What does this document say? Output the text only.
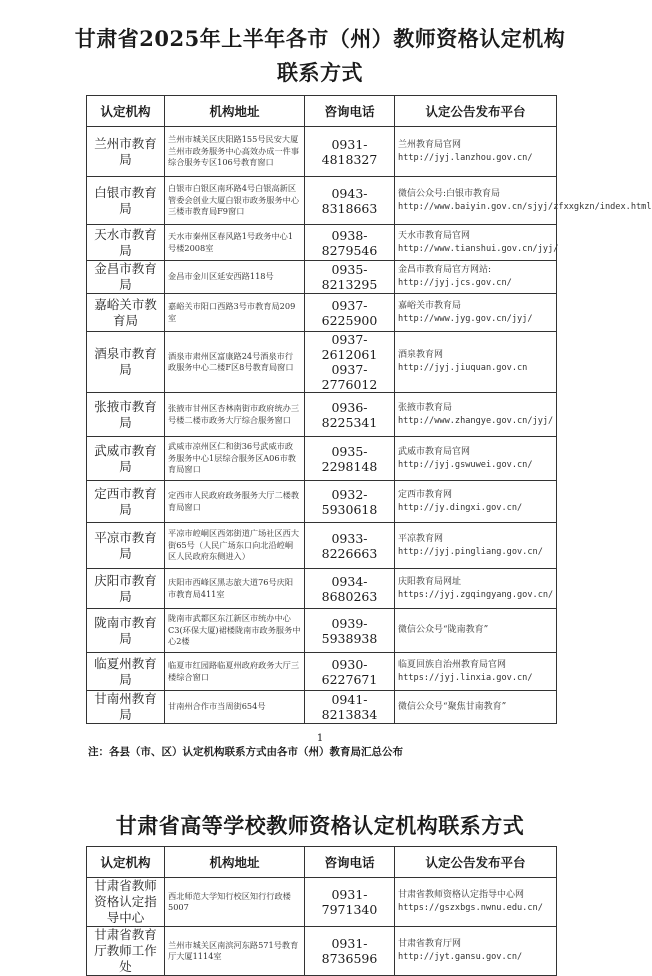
甘肃省2025年上半年各市（州）教师资格认定机构
联系方式
认定机构	机构地址	咨询电话	认定公告发布平台
兰州市教育局	兰州市城关区庆阳路155号民安大厦兰州市政务服务中心高效办成一件事综合服务专区106号教育窗口	0931-4818327	兰州教育局官网
http://jyj.lanzhou.gov.cn/

白银市教育局	白银市白银区南环路4号白银高新区管委会创业大厦白银市政务服务中心三楼市教育局F9窗口	0943-8318663	微信公众号:白银市教育局
http://www.baiyin.gov.cn/sjyj/zfxxgkzn/index.html

天水市教育局	天水市秦州区春风路1号政务中心1号楼2008室	0938-8279546	天水市教育局官网
http://www.tianshui.gov.cn/jyj/

金昌市教育局	金昌市金川区延安西路118号	0935-8213295	金昌市教育局官方网站:
http://jyj.jcs.gov.cn/

嘉峪关市教育局	嘉峪关市阳口西路3号市教育局209室	0937-6225900	嘉峪关市教育局
http://www.jyg.gov.cn/jyj/

酒泉市教育局	酒泉市肃州区富康路24号酒泉市行政服务中心二楼F区8号教育局窗口	0937-2612061
0937-2776012	酒泉教育网
http://jyj.jiuquan.gov.cn

张掖市教育局	张掖市甘州区杏林南街市政府统办三号楼二楼市政务大厅综合服务窗口	0936-8225341	张掖市教育局
http://www.zhangye.gov.cn/jyj/

武威市教育局	武威市凉州区仁和街36号武威市政务服务中心1层综合服务区A06市教育局窗口	0935-2298148	武威市教育局官网
http://jyj.gswuwei.gov.cn/

定西市教育局	定西市人民政府政务服务大厅二楼教育局窗口	0932-5930618	定西市教育网
http://jy.dingxi.gov.cn/

平凉市教育局	平凉市崆峒区西郊街道广场社区西大街65号（人民广场东口向北沿崆峒区人民政府东侧进入）	0933-8226663	平凉教育网
http://jyj.pingliang.gov.cn/

庆阳市教育局	庆阳市西峰区黑志旅大道76号庆阳市教育局411室	0934-8680263	庆阳教育局网址
https://jyj.zgqingyang.gov.cn/

陇南市教育局	陇南市武都区东江新区市统办中心C3(环保大厦)裙楼陇南市政务服务中心2楼	0939-5938938	微信公众号“陇南教育”

临夏州教育局	临夏市红园路临夏州政府政务大厅三楼综合窗口	0930-6227671	临夏回族自治州教育局官网
https://jyj.linxia.gov.cn/

甘南州教育局	甘南州合作市当周街654号	0941-8213834	微信公众号“聚焦甘南教育”
1
注：各县（市、区）认定机构联系方式由各市（州）教育局汇总公布
甘肃省高等学校教师资格认定机构联系方式
认定机构	机构地址	咨询电话	认定公告发布平台
甘肃省教师资格认定指导中心	西北师范大学知行校区知行行政楼5007	0931-7971340	甘肃省教师资格认定指导中心网
https://gszxbgs.nwnu.edu.cn/

甘肃省教育厅教师工作处	兰州市城关区南滨河东路571号教育厅大厦1114室	0931-8736596	甘肃省教育厅网
http://jyt.gansu.gov.cn/
